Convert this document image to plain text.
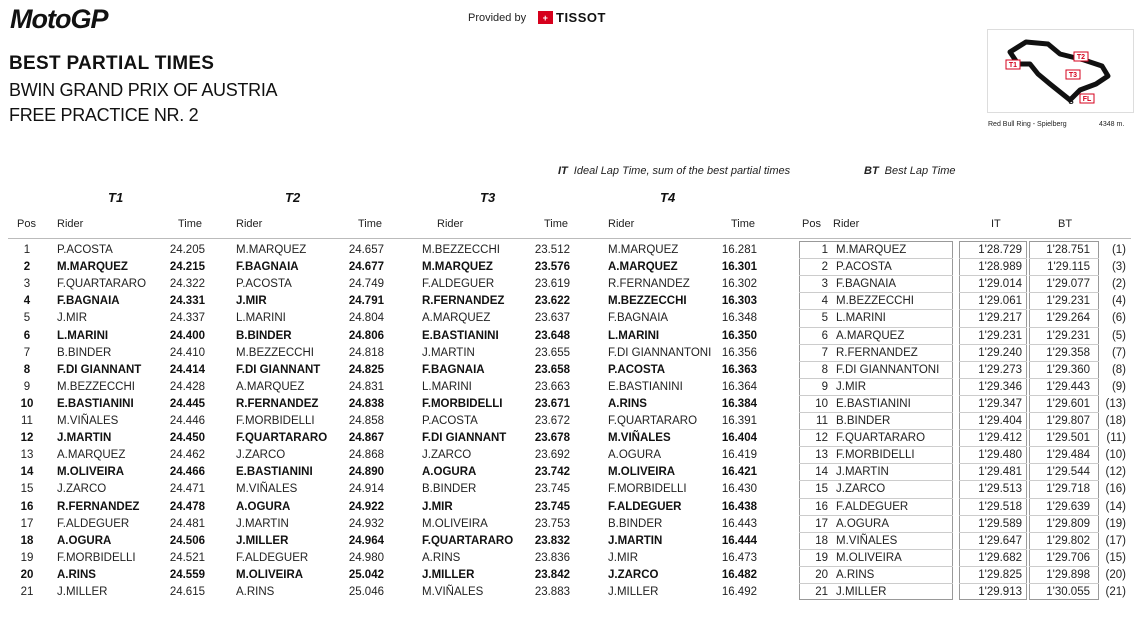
MotoGP	Provided by	+ TISSOT
BEST PARTIAL TIMES
BWIN GRAND PRIX OF AUSTRIA
FREE PRACTICE NR. 2
T1
T2
T3
S FL
Red Bull Ring - Spielberg	4348 m.
IT Ideal Lap Time, sum of the best partial times	BT Best Lap Time
T1	T2	T3	T4
Pos Rider	Time	Rider	Time	Rider	Time	Rider	Time	Pos Rider	IT	BT
1	P.ACOSTA	24.205	M.MARQUEZ	24.657	M.BEZZECCHI	23.512	M.MARQUEZ	16.281	1 M.MARQUEZ	1'28.729	1'28.751	(1)
2	M.MARQUEZ	24.215	F.BAGNAIA	24.677	M.MARQUEZ	23.576	A.MARQUEZ	16.301	2 P.ACOSTA	1'28.989	1'29.115	(3)
3	F.QUARTARARO	24.322	P.ACOSTA	24.749	F.ALDEGUER	23.619	R.FERNANDEZ	16.302	3 F.BAGNAIA	1'29.014	1'29.077	(2)
4	F.BAGNAIA	24.331	J.MIR	24.791	R.FERNANDEZ	23.622	M.BEZZECCHI	16.303	4 M.BEZZECCHI	1'29.061	1'29.231	(4)
5	J.MIR	24.337	L.MARINI	24.804	A.MARQUEZ	23.637	F.BAGNAIA	16.348	5 L.MARINI	1'29.217	1'29.264	(6)
6	L.MARINI	24.400	B.BINDER	24.806	E.BASTIANINI	23.648	L.MARINI	16.350	6 A.MARQUEZ	1'29.231	1'29.231	(5)
7	B.BINDER	24.410	M.BEZZECCHI	24.818	J.MARTIN	23.655	F.DI GIANNANTONI 16.356	7 R.FERNANDEZ	1'29.240	1'29.358	(7)
8	F.DI GIANNANT	24.414	F.DI GIANNANT	24.825	F.BAGNAIA	23.658	P.ACOSTA	16.363	8 F.DI GIANNANTONI	1'29.273	1'29.360	(8)
9	M.BEZZECCHI	24.428	A.MARQUEZ	24.831	L.MARINI	23.663	E.BASTIANINI	16.364	9 J.MIR	1'29.346	1'29.443	(9)
10	E.BASTIANINI	24.445	R.FERNANDEZ	24.838	F.MORBIDELLI	23.671	A.RINS	16.384	10 E.BASTIANINI	1'29.347	1'29.601	(13)
11	M.VIÑALES	24.446	F.MORBIDELLI	24.858	P.ACOSTA	23.672	F.QUARTARARO	16.391	11 B.BINDER	1'29.404	1'29.807	(18)
12	J.MARTIN	24.450	F.QUARTARARO	24.867	F.DI GIANNANT	23.678	M.VIÑALES	16.404	12 F.QUARTARARO	1'29.412	1'29.501	(11)
13	A.MARQUEZ	24.462	J.ZARCO	24.868	J.ZARCO	23.692	A.OGURA	16.419	13 F.MORBIDELLI	1'29.480	1'29.484	(10)
14	M.OLIVEIRA	24.466	E.BASTIANINI	24.890	A.OGURA	23.742	M.OLIVEIRA	16.421	14 J.MARTIN	1'29.481	1'29.544	(12)
15	J.ZARCO	24.471	M.VIÑALES	24.914	B.BINDER	23.745	F.MORBIDELLI	16.430	15 J.ZARCO	1'29.513	1'29.718	(16)
16	R.FERNANDEZ	24.478	A.OGURA	24.922	J.MIR	23.745	F.ALDEGUER	16.438	16 F.ALDEGUER	1'29.518	1'29.639	(14)
17	F.ALDEGUER	24.481	J.MARTIN	24.932	M.OLIVEIRA	23.753	B.BINDER	16.443	17 A.OGURA	1'29.589	1'29.809	(19)
18	A.OGURA	24.506	J.MILLER	24.964	F.QUARTARARO	23.832	J.MARTIN	16.444	18 M.VIÑALES	1'29.647	1'29.802	(17)
19	F.MORBIDELLI	24.521	F.ALDEGUER	24.980	A.RINS	23.836	J.MIR	16.473	19 M.OLIVEIRA	1'29.682	1'29.706	(15)
20	A.RINS	24.559	M.OLIVEIRA	25.042	J.MILLER	23.842	J.ZARCO	16.482	20 A.RINS	1'29.825	1'29.898	(20)
21	J.MILLER	24.615	A.RINS	25.046	M.VIÑALES	23.883	J.MILLER	16.492	21 J.MILLER	1'29.913	1'30.055	(21)
